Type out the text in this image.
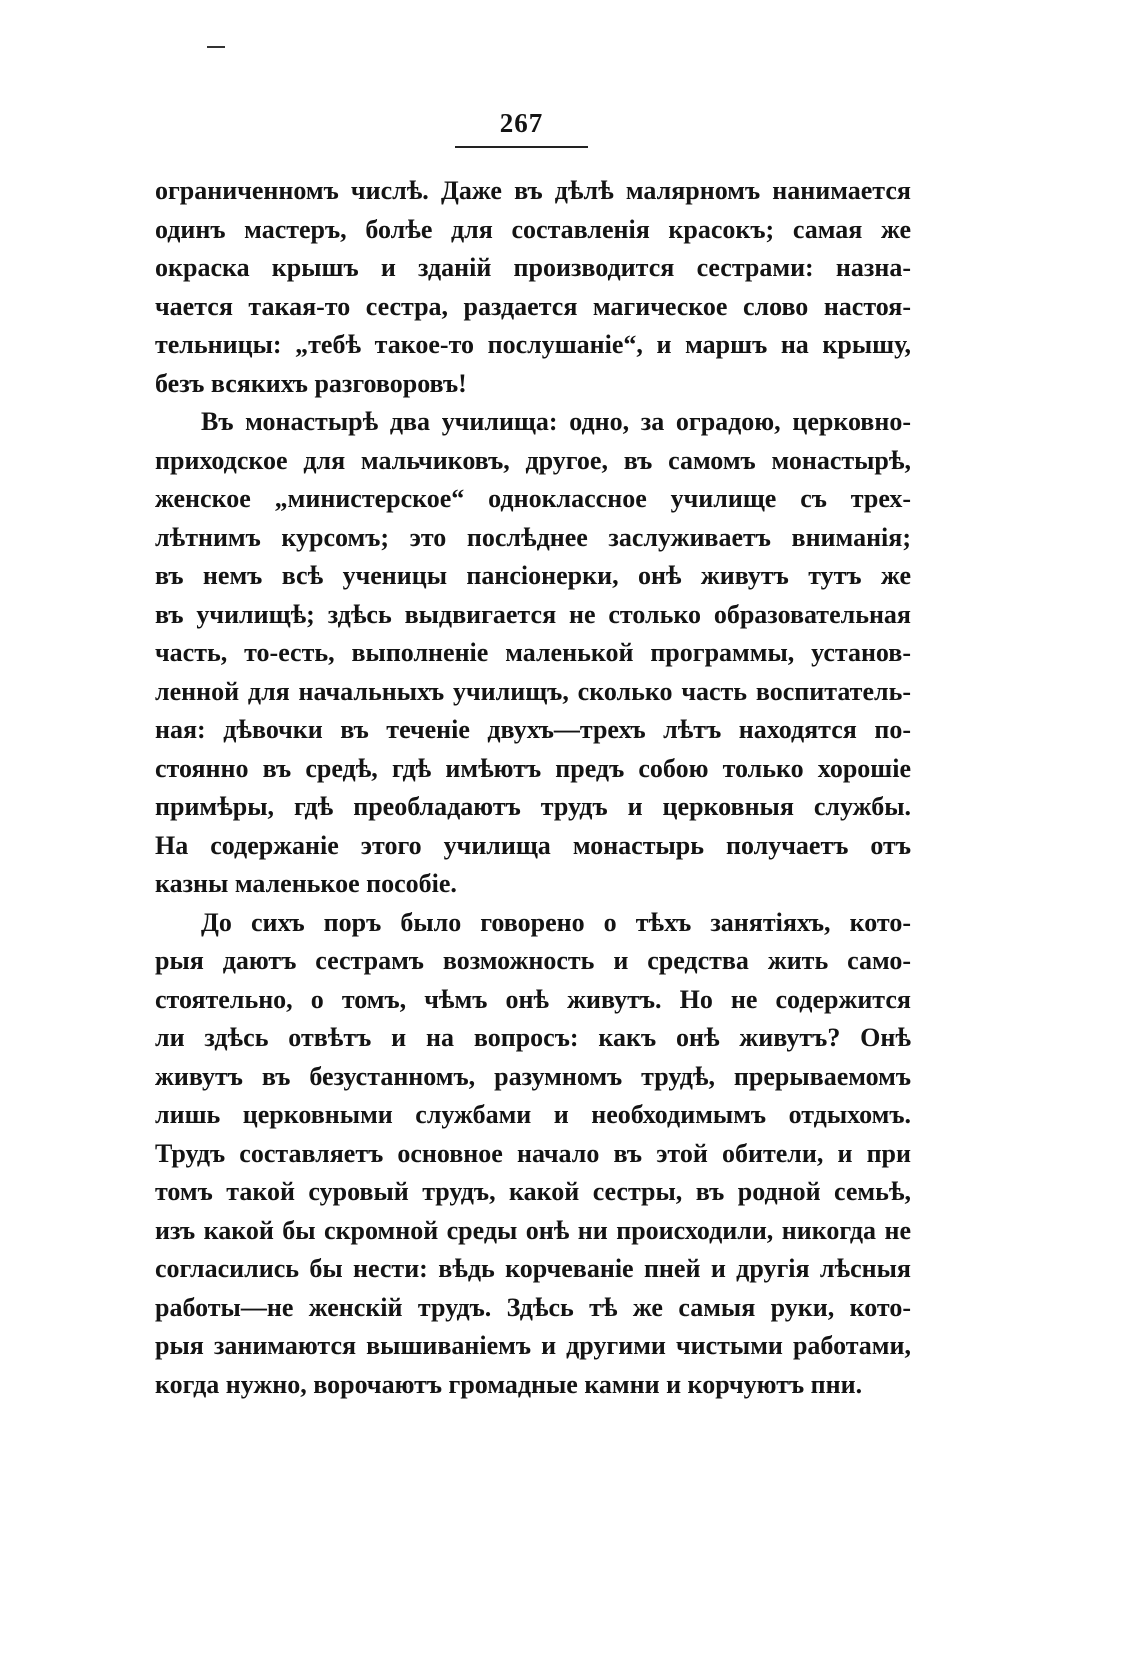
267
ограниченномъ числѣ. Даже въ дѣлѣ малярномъ нанимается
одинъ мастеръ, болѣе для составленія красокъ; самая же
окраска крышъ и зданій производится сестрами: назна-
чается такая-то сестра, раздается магическое слово настоя-
тельницы: „тебѣ такое-то послушаніе“, и маршъ на крышу,
безъ всякихъ разговоровъ!
Въ монастырѣ два училища: одно, за оградою, церковно-
приходское для мальчиковъ, другое, въ самомъ монастырѣ,
женское „министерское“ одноклассное училище съ трех-
лѣтнимъ курсомъ; это послѣднее заслуживаетъ вниманія;
въ немъ всѣ ученицы пансіонерки, онѣ живутъ тутъ же
въ училищѣ; здѣсь выдвигается не столько образовательная
часть, то-есть, выполненіе маленькой программы, установ-
ленной для начальныхъ училищъ, сколько часть воспитатель-
ная: дѣвочки въ теченіе двухъ—трехъ лѣтъ находятся по-
стоянно въ средѣ, гдѣ имѣютъ предъ собою только хорошіе
примѣры, гдѣ преобладаютъ трудъ и церковныя службы.
На содержаніе этого училища монастырь получаетъ отъ
казны маленькое пособіе.
До сихъ поръ было говорено о тѣхъ занятіяхъ, кото-
рыя даютъ сестрамъ возможность и средства жить само-
стоятельно, о томъ, чѣмъ онѣ живутъ. Но не содержится
ли здѣсь отвѣтъ и на вопросъ: какъ онѣ живутъ? Онѣ
живутъ въ безустанномъ, разумномъ трудѣ, прерываемомъ
лишь церковными службами и необходимымъ отдыхомъ.
Трудъ составляетъ основное начало въ этой обители, и при
томъ такой суровый трудъ, какой сестры, въ родной семьѣ,
изъ какой бы скромной среды онѣ ни происходили, никогда не
согласились бы нести: вѣдь корчеваніе пней и другія лѣсныя
работы—не женскій трудъ. Здѣсь тѣ же самыя руки, кото-
рыя занимаются вышиваніемъ и другими чистыми работами,
когда нужно, ворочаютъ громадные камни и корчуютъ пни.
